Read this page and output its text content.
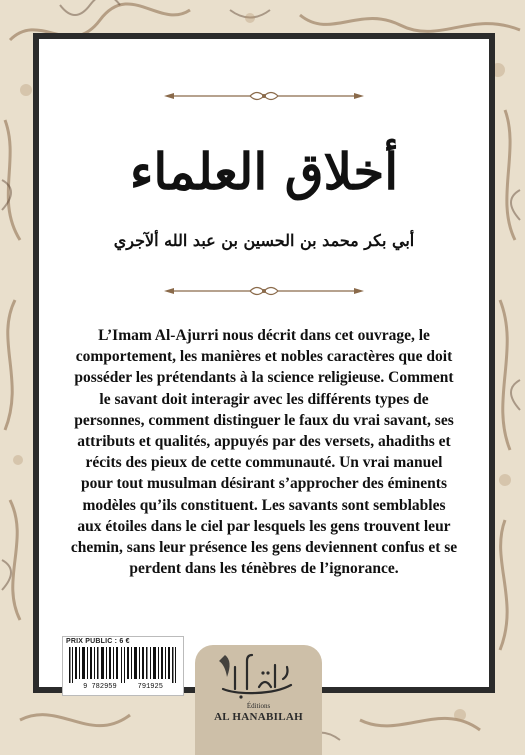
أخلاق العلماء
أبي بكر محمد بن الحسين بن عبد الله ألآجري
L’Imam Al-Ajurri nous décrit dans cet ouvrage, le comportement, les manières et nobles caractères que doit posséder les prétendants à la science religieuse. Comment le savant doit interagir avec les différents types de personnes, comment distinguer le faux du vrai savant, ses attributs et qualités, appuyés par des versets, ahadiths et récits des pieux de cette communauté. Un vrai manuel pour tout musulman désirant s’approcher des éminents modèles qu’ils constituent. Les savants sont semblables aux étoiles dans le ciel par lesquels les gens trouvent leur chemin, sans leur présence les gens deviennent confus et se perdent dans les ténèbres de l’ignorance.
PRIX PUBLIC : 6 €
9 782959     791925
Éditions
AL HANABILAH
